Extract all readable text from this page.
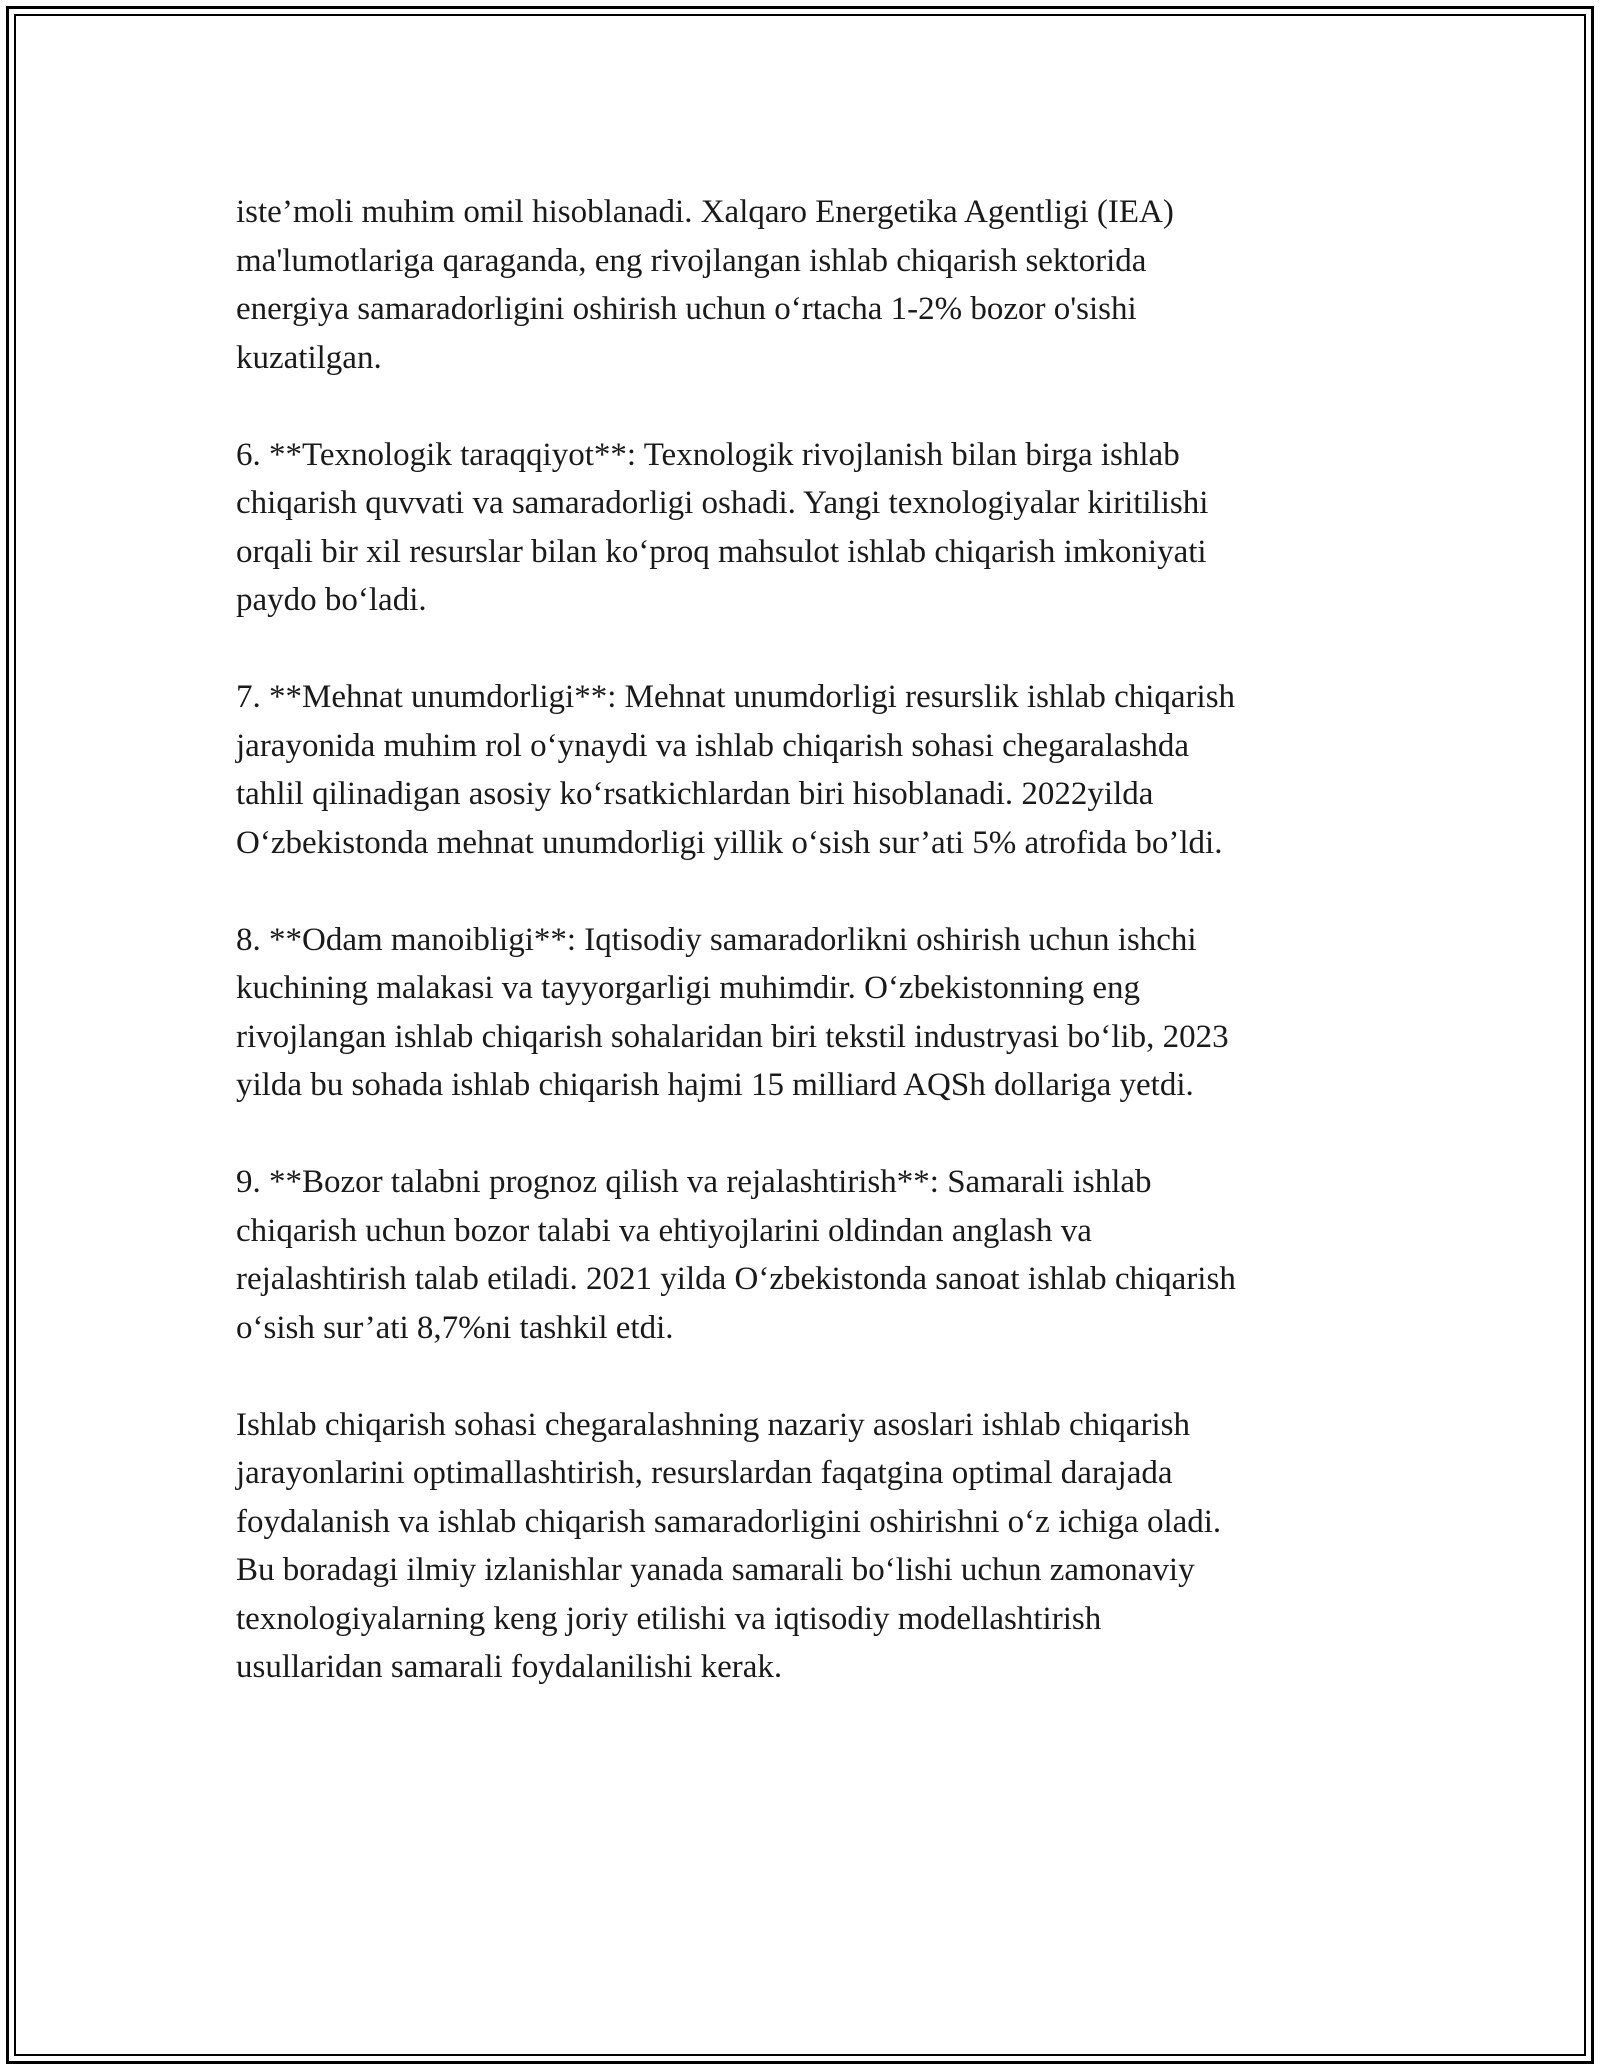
iste’moli muhim omil hisoblanadi. Xalqaro Energetika Agentligi (IEA)
ma'lumotlariga qaraganda, eng rivojlangan ishlab chiqarish sektorida
energiya samaradorligini oshirish uchun o‘rtacha 1-2% bozor o'sishi
kuzatilgan.

6. **Texnologik taraqqiyot**: Texnologik rivojlanish bilan birga ishlab
chiqarish quvvati va samaradorligi oshadi. Yangi texnologiyalar kiritilishi
orqali bir xil resurslar bilan ko‘proq mahsulot ishlab chiqarish imkoniyati
paydo bo‘ladi.

7. **Mehnat unumdorligi**: Mehnat unumdorligi resurslik ishlab chiqarish
jarayonida muhim rol o‘ynaydi va ishlab chiqarish sohasi chegaralashda
tahlil qilinadigan asosiy ko‘rsatkichlardan biri hisoblanadi. 2022yilda
O‘zbekistonda mehnat unumdorligi yillik o‘sish sur’ati 5% atrofida bo’ldi.

8. **Odam manoibligi**: Iqtisodiy samaradorlikni oshirish uchun ishchi
kuchining malakasi va tayyorgarligi muhimdir. O‘zbekistonning eng
rivojlangan ishlab chiqarish sohalaridan biri tekstil industryasi bo‘lib, 2023
yilda bu sohada ishlab chiqarish hajmi 15 milliard AQSh dollariga yetdi.

9. **Bozor talabni prognoz qilish va rejalashtirish**: Samarali ishlab
chiqarish uchun bozor talabi va ehtiyojlarini oldindan anglash va
rejalashtirish talab etiladi. 2021 yilda O‘zbekistonda sanoat ishlab chiqarish
o‘sish sur’ati 8,7%ni tashkil etdi.

Ishlab chiqarish sohasi chegaralashning nazariy asoslari ishlab chiqarish
jarayonlarini optimallashtirish, resurslardan faqatgina optimal darajada
foydalanish va ishlab chiqarish samaradorligini oshirishni o‘z ichiga oladi.
Bu boradagi ilmiy izlanishlar yanada samarali bo‘lishi uchun zamonaviy
texnologiyalarning keng joriy etilishi va iqtisodiy modellashtirish
usullaridan samarali foydalanilishi kerak.
